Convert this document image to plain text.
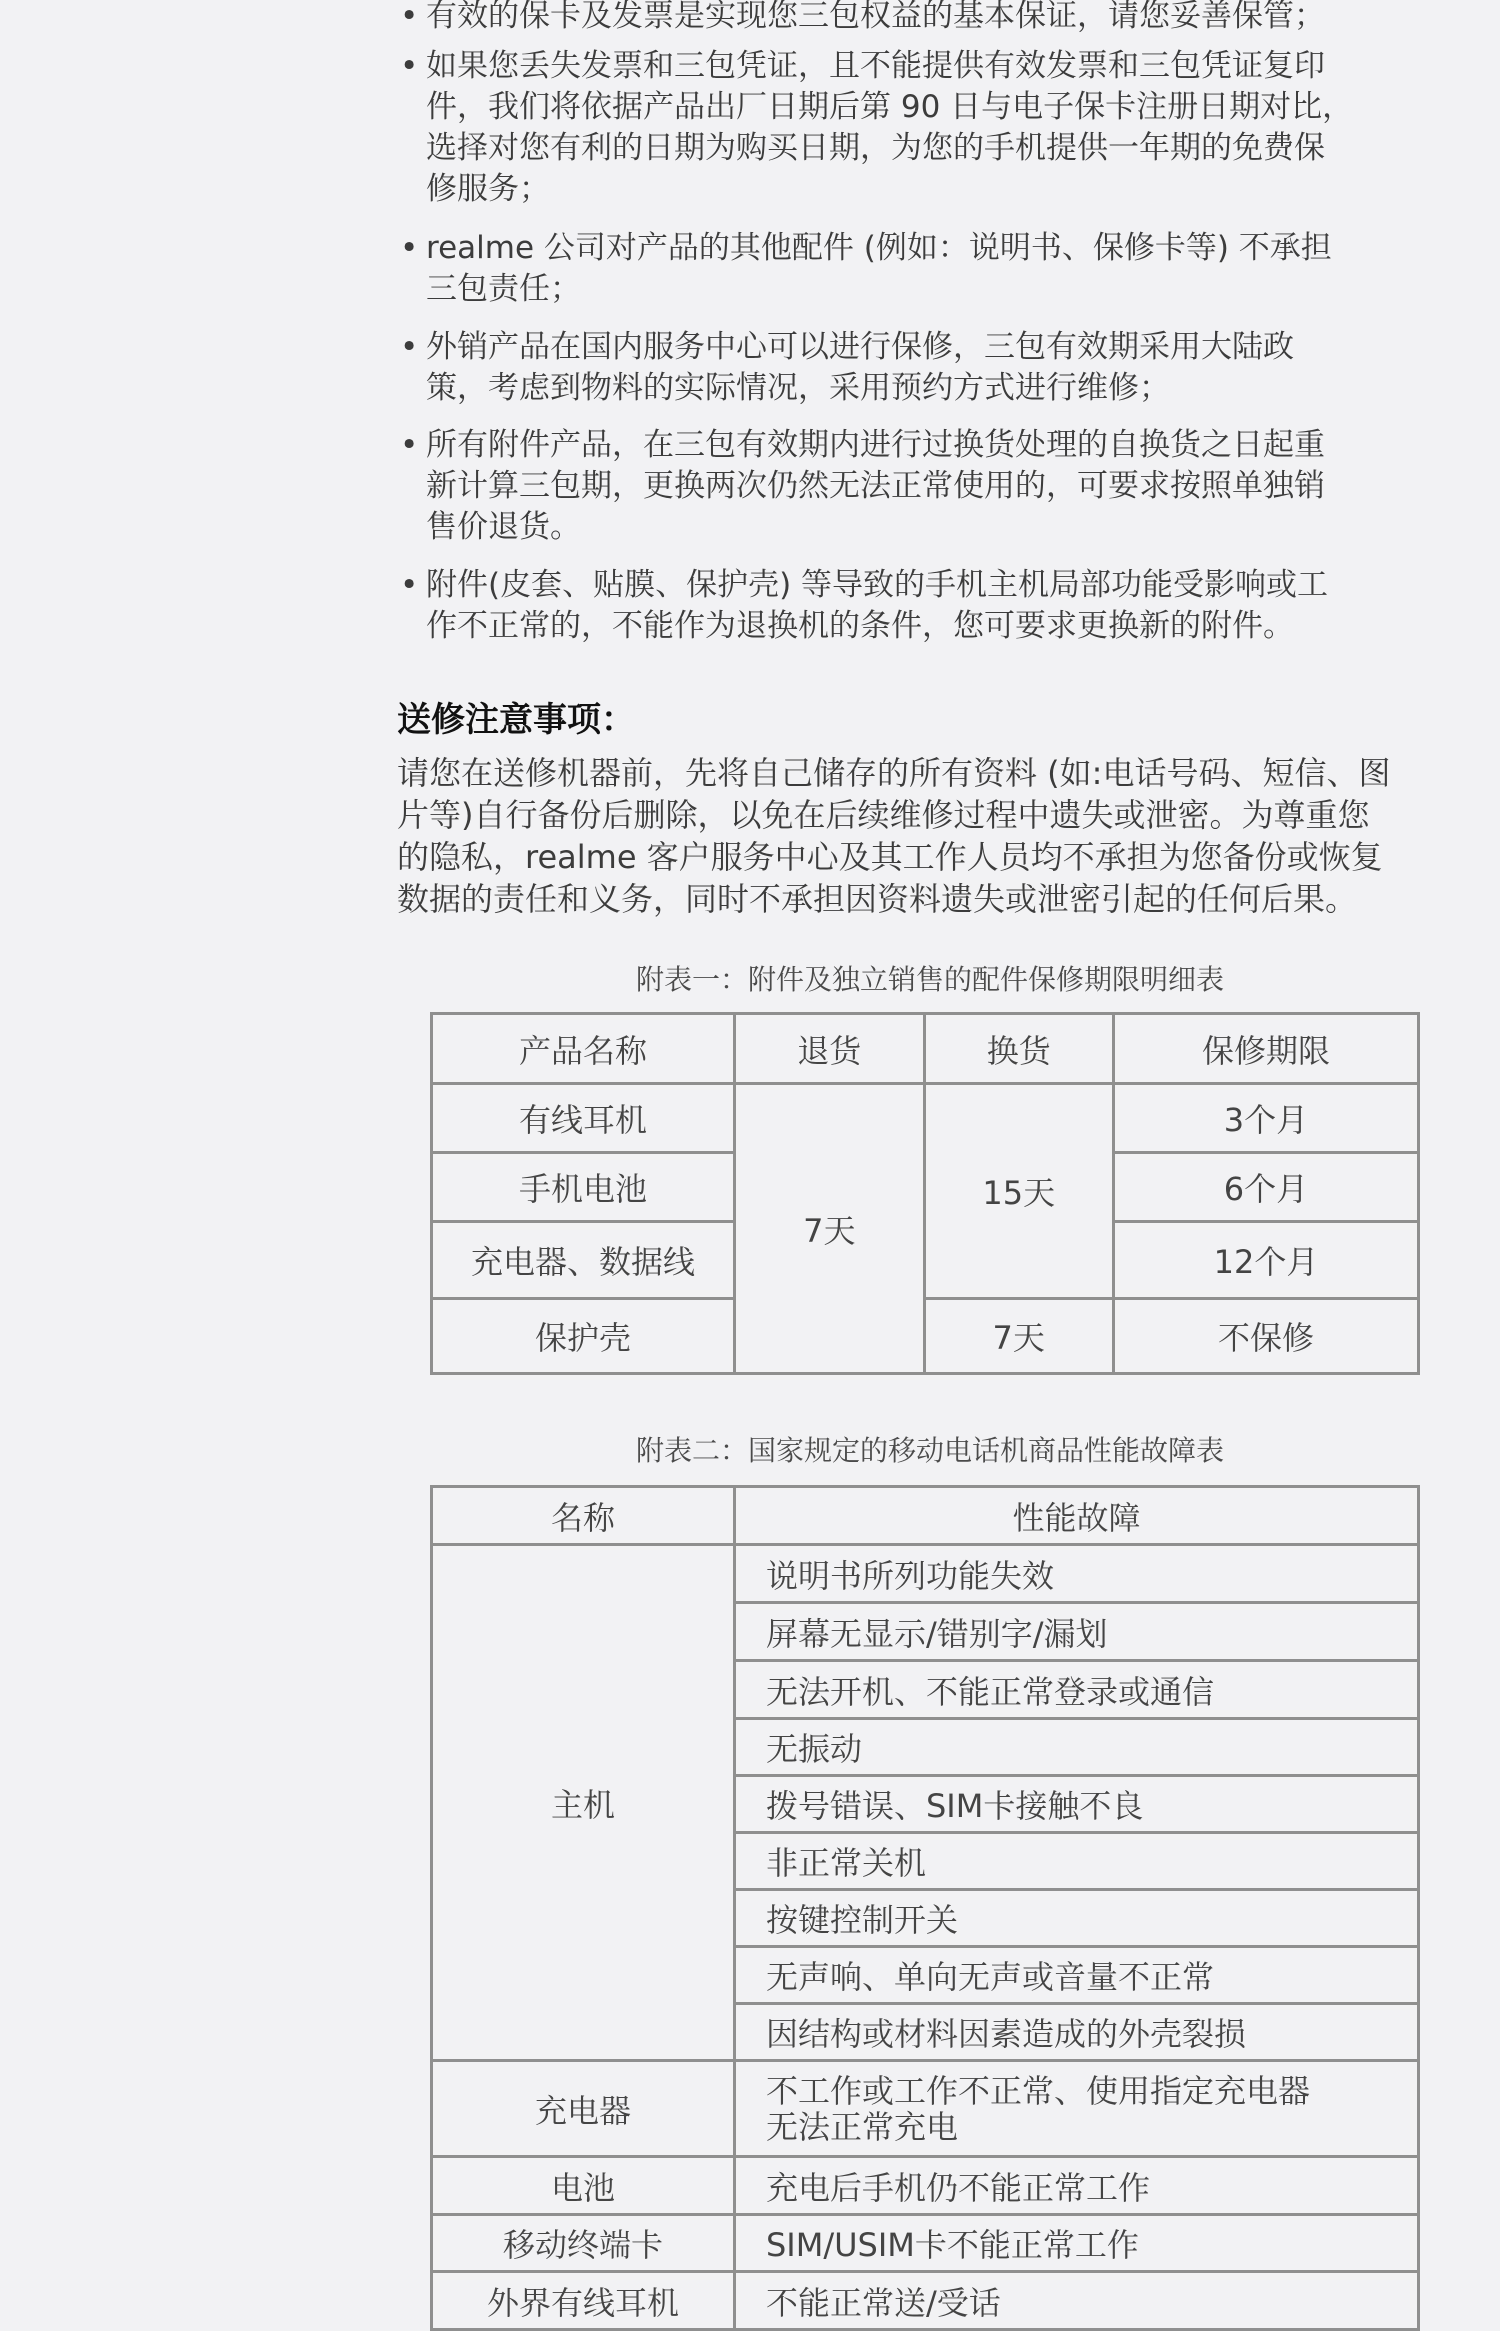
• 有效的保卡及发票是实现您三包权益的基本保证，请您妥善保管；
• 如果您丢失发票和三包凭证，且不能提供有效发票和三包凭证复印
件，我们将依据产品出厂日期后第 90 日与电子保卡注册日期对比，
选择对您有利的日期为购买日期，为您的手机提供一年期的免费保
修服务；
• realme 公司对产品的其他配件 (例如：说明书、保修卡等) 不承担
三包责任；
• 外销产品在国内服务中心可以进行保修，三包有效期采用大陆政
策，考虑到物料的实际情况，采用预约方式进行维修；
• 所有附件产品，在三包有效期内进行过换货处理的自换货之日起重
新计算三包期，更换两次仍然无法正常使用的，可要求按照单独销
售价退货。
• 附件(皮套、贴膜、保护壳) 等导致的手机主机局部功能受影响或工
作不正常的，不能作为退换机的条件，您可要求更换新的附件。
送修注意事项：
请您在送修机器前，先将自己储存的所有资料 (如:电话号码、短信、图
片等)自行备份后删除，以免在后续维修过程中遗失或泄密。为尊重您
的隐私，realme 客户服务中心及其工作人员均不承担为您备份或恢复
数据的责任和义务，同时不承担因资料遗失或泄密引起的任何后果。
附表一：附件及独立销售的配件保修期限明细表
产品名称	退货	换货	保修期限
有线耳机	7天	15天	3个月
手机电池			6个月
充电器、数据线			12个月
保护壳		7天	不保修
附表二：国家规定的移动电话机商品性能故障表
名称	性能故障
主机	说明书所列功能失效
	屏幕无显示/错别字/漏划
	无法开机、不能正常登录或通信
	无振动
	拨号错误、SIM卡接触不良
	非正常关机
	按键控制开关
	无声响、单向无声或音量不正常
	因结构或材料因素造成的外壳裂损
充电器	不工作或工作不正常、使用指定充电器
无法正常充电
电池	充电后手机仍不能正常工作
移动终端卡	SIM/USIM卡不能正常工作
外界有线耳机	不能正常送/受话
